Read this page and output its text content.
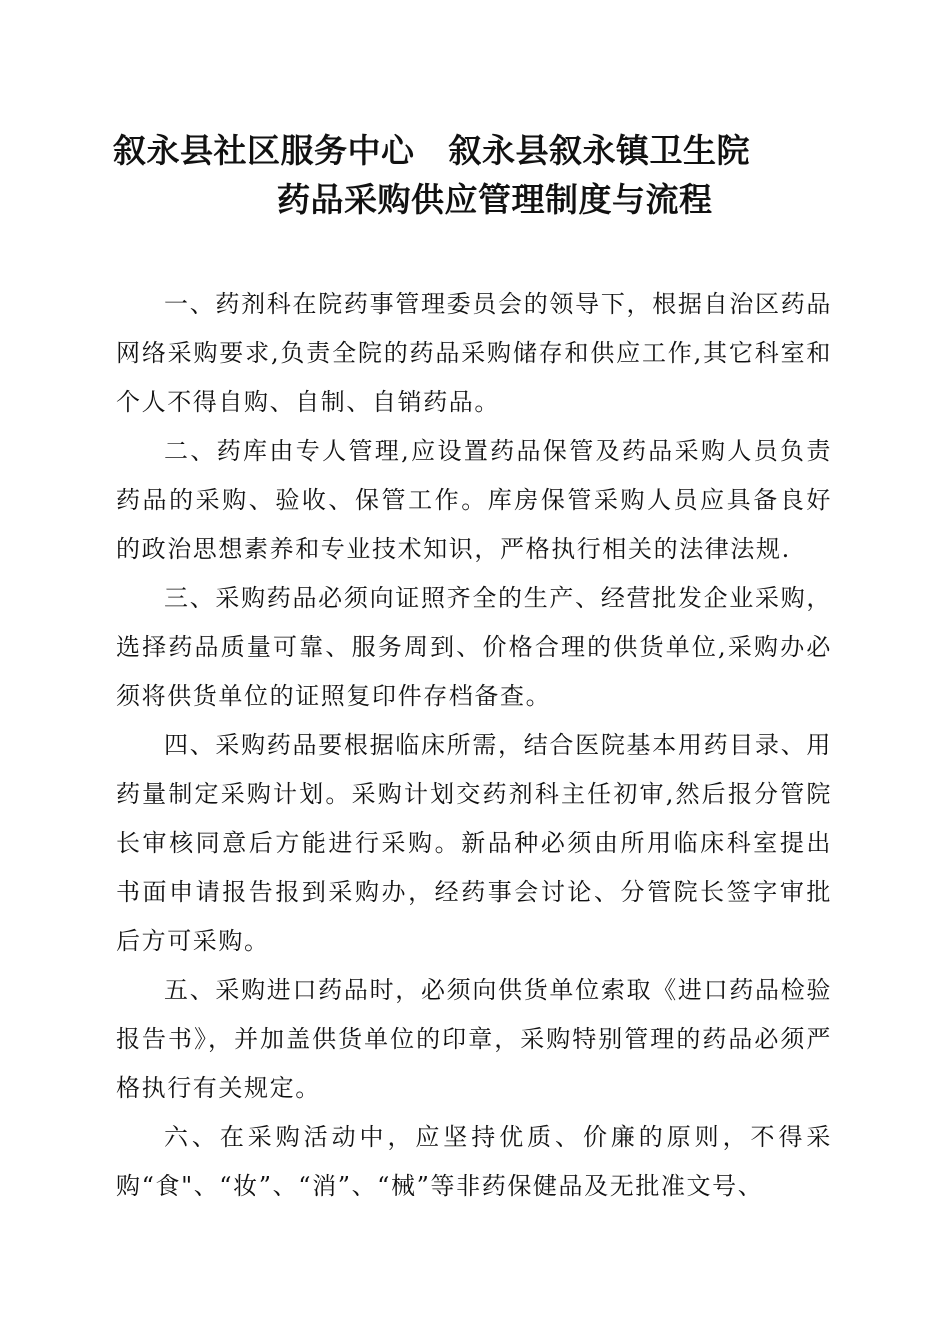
叙永县社区服务中心 叙永县叙永镇卫生院
药品采购供应管理制度与流程

一、药剂科在院药事管理委员会的领导下，根据自治区药品网络采购要求,负责全院的药品采购储存和供应工作,其它科室和个人不得自购、自制、自销药品。

二、药库由专人管理,应设置药品保管及药品采购人员负责药品的采购、验收、保管工作。库房保管采购人员应具备良好的政治思想素养和专业技术知识，严格执行相关的法律法规.

三、采购药品必须向证照齐全的生产、经营批发企业采购，选择药品质量可靠、服务周到、价格合理的供货单位,采购办必须将供货单位的证照复印件存档备查。

四、采购药品要根据临床所需，结合医院基本用药目录、用药量制定采购计划。采购计划交药剂科主任初审,然后报分管院长审核同意后方能进行采购。新品种必须由所用临床科室提出书面申请报告报到采购办，经药事会讨论、分管院长签字审批后方可采购。

五、采购进口药品时，必须向供货单位索取《进口药品检验报告书》，并加盖供货单位的印章，采购特别管理的药品必须严格执行有关规定。

六、在采购活动中，应坚持优质、价廉的原则，不得采购“食"、“妆”、“消”、“械”等非药保健品及无批准文号、
